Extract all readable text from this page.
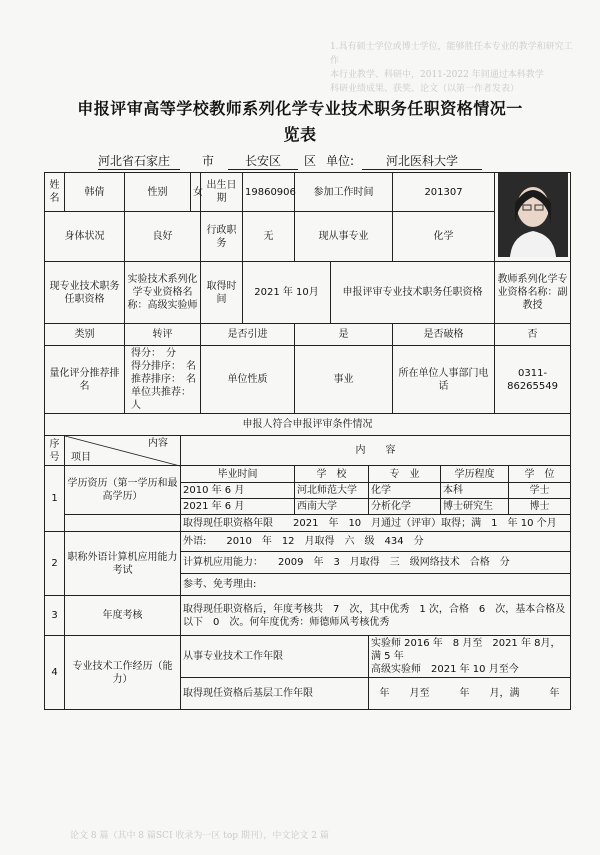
1.具有硕士学位或博士学位，能够胜任本专业的教学和研究工作
本行业教学、科研中，2011-2022 年间通过本科教学
科研业绩成果、获奖、论文（以第一作者发表）
论文 8 篇（其中 8 篇SCI 收录为一区 top 期刊），中文论文 2 篇
申报评审高等学校教师系列化学专业技术职务任职资格情况一
览表
河北省石家庄	市	长安区	区 单位:	河北医科大学
姓名	韩倩	性别		女	出生日期	19860906	参加工作时间			201307	
身体状况		良好			行政职务	无	现从事专业			化学			
现专业技术职务任职资格		实验技术系列化学专业资格名称：高级实验师			取得时间	2021 年 10月		申报评审专业技术职务任职资格				教师系列化学专业资格名称：副教授	
类别		转评			是否引进		是			是否破格		否	
量化评分推荐排名		得分：　 分
得分排序：　 名
推荐排序：　 名
单位共推荐：人			单位性质		事业			所在单位人事部门电话		0311-86265549	
申报人符合申报评审条件情况													
序号	内容
项目		内　　容										
1	学历资历（第一学历和最高学历）		毕业时间				学　校		专　业		学历程度		学　位
			2010 年 6 月				河北师范大学		化学		本科		学士
			2021 年 6 月				西南大学		分析化学		博士研究生		博士
			取得现任职资格年限　　2021　年　10　月通过（评审）取得；满　1　年 10 个月										
2	职称外语计算机应用能力考试		外语:　　2010　年　12　月取得　六　级　434　分										
			计算机应用能力：　　2009　年　3　月取得　三　级网络技术　合格　分										
			参考、免考理由:										
3	年度考核		取得现任职资格后，年度考核共　7　次，其中优秀　1 次，合格　6　次，基本合格及以下　0　次。何年度优秀：师德师风考核优秀										
4	专业技术工作经历（能力）		从事专业技术工作年限						实验师 2016 年　8 月至　2021 年 8月，满 5 年
高级实验师　2021 年 10 月至今				

			取得现任资格后基层工作年限						年　　月至　　　年　　月，满　　　年				
